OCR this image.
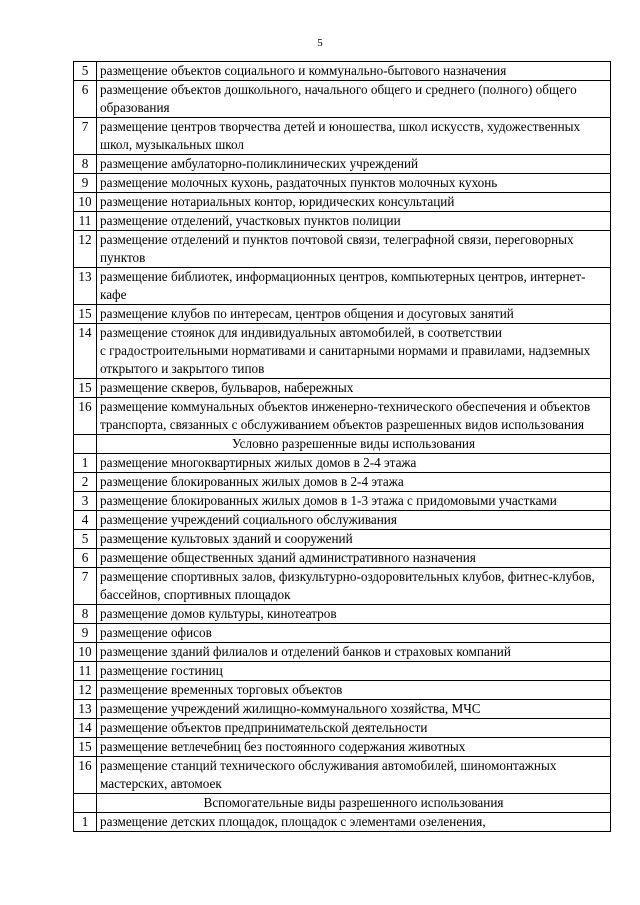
5
5	размещение объектов социального и коммунально-бытового назначения
6	размещение объектов дошкольного, начального общего и среднего (полного) общего образования
7	размещение центров творчества детей и юношества, школ искусств, художественных школ, музыкальных школ
8	размещение амбулаторно-поликлинических учреждений
9	размещение молочных кухонь, раздаточных пунктов молочных кухонь
10	размещение нотариальных контор, юридических консультаций
11	размещение отделений, участковых пунктов полиции
12	размещение отделений и пунктов почтовой связи, телеграфной связи, переговорных пунктов
13	размещение библиотек, информационных центров, компьютерных центров, интернет-кафе
15	размещение клубов по интересам, центров общения и досуговых занятий
14	размещение стоянок для индивидуальных автомобилей, в соответствии
с градостроительными нормативами и санитарными нормами и правилами, надземных открытого и закрытого типов

15	размещение скверов, бульваров, набережных
16	размещение коммунальных объектов инженерно-технического обеспечения и объектов транспорта, связанных с обслуживанием объектов разрешенных видов использования
	Условно разрешенные виды использования
1	размещение многоквартирных жилых домов в 2-4 этажа
2	размещение блокированных жилых домов в 2-4 этажа
3	размещение блокированных жилых домов в 1-3 этажа с придомовыми участками
4	размещение учреждений социального обслуживания
5	размещение культовых зданий и сооружений
6	размещение общественных зданий административного назначения
7	размещение спортивных залов, физкультурно-оздоровительных клубов, фитнес-клубов, бассейнов, спортивных площадок
8	размещение домов культуры, кинотеатров
9	размещение офисов
10	размещение зданий филиалов и отделений банков и страховых компаний
11	размещение гостиниц
12	размещение временных торговых объектов
13	размещение учреждений жилищно-коммунального хозяйства, МЧС
14	размещение объектов предпринимательской деятельности
15	размещение ветлечебниц без постоянного содержания животных
16	размещение станций технического обслуживания автомобилей, шиномонтажных мастерских, автомоек
	Вспомогательные виды разрешенного использования
1	размещение детских площадок, площадок с элементами озеленения,
